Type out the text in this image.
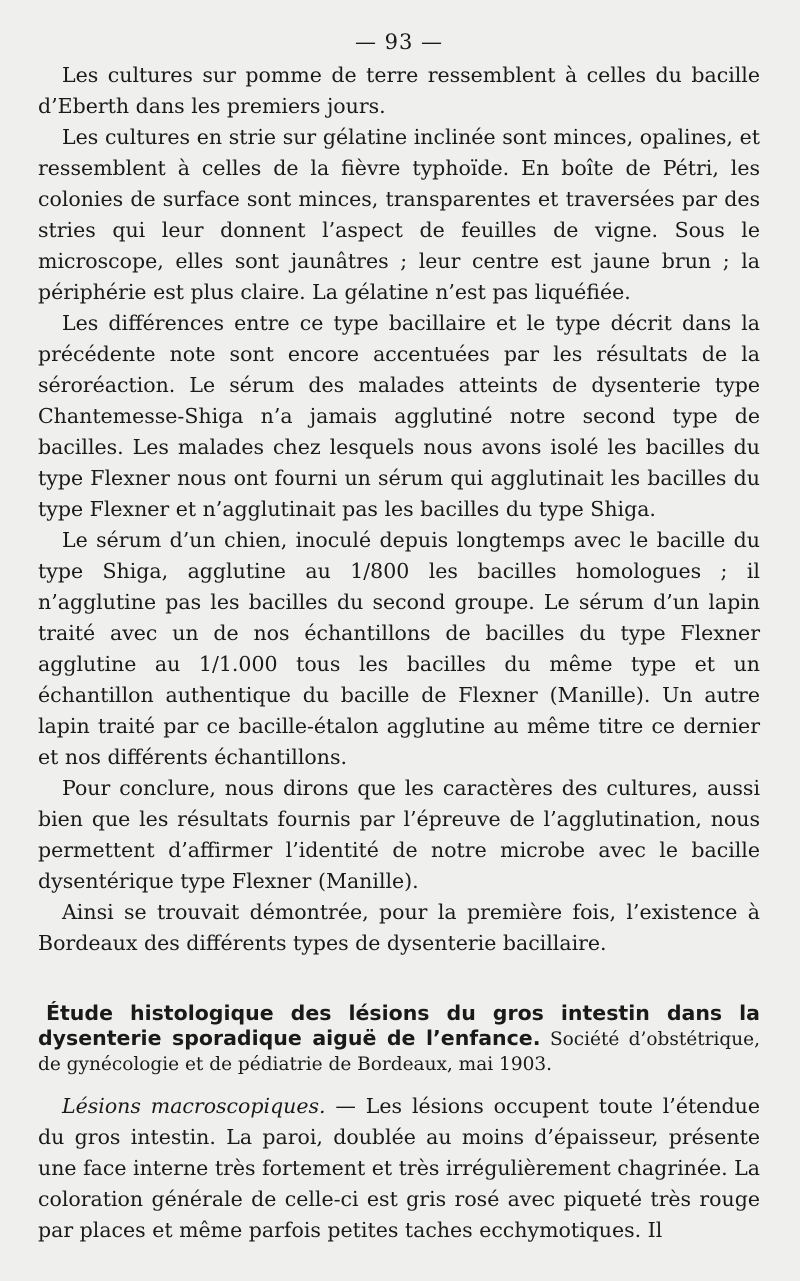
— 93 —

Les cultures sur pomme de terre ressemblent à celles du bacille d’Eberth dans les premiers jours.

Les cultures en strie sur gélatine inclinée sont minces, opalines, et ressemblent à celles de la fièvre typhoïde. En boîte de Pétri, les colonies de surface sont minces, transparentes et traversées par des stries qui leur donnent l’aspect de feuilles de vigne. Sous le microscope, elles sont jaunâtres ; leur centre est jaune brun ; la périphérie est plus claire. La gélatine n’est pas liquéfiée.

Les différences entre ce type bacillaire et le type décrit dans la précédente note sont encore accentuées par les résultats de la séroréaction. Le sérum des malades atteints de dysenterie type Chantemesse-Shiga n’a jamais agglutiné notre second type de bacilles. Les malades chez lesquels nous avons isolé les bacilles du type Flexner nous ont fourni un sérum qui agglutinait les bacilles du type Flexner et n’agglutinait pas les bacilles du type Shiga.

Le sérum d’un chien, inoculé depuis longtemps avec le bacille du type Shiga, agglutine au 1/800 les bacilles homologues ; il n’agglutine pas les bacilles du second groupe. Le sérum d’un lapin traité avec un de nos échantillons de bacilles du type Flexner agglutine au 1/1.000 tous les bacilles du même type et un échantillon authentique du bacille de Flexner (Manille). Un autre lapin traité par ce bacille-étalon agglutine au même titre ce dernier et nos différents échantillons.

Pour conclure, nous dirons que les caractères des cultures, aussi bien que les résultats fournis par l’épreuve de l’agglutination, nous permettent d’affirmer l’identité de notre microbe avec le bacille dysentérique type Flexner (Manille).

Ainsi se trouvait démontrée, pour la première fois, l’existence à Bordeaux des différents types de dysenterie bacillaire.

Étude histologique des lésions du gros intestin dans la dysenterie sporadique aiguë de l’enfance. Société d’obstétrique, de gynécologie et de pédiatrie de Bordeaux, mai 1903.

Lésions macroscopiques. — Les lésions occupent toute l’étendue du gros intestin. La paroi, doublée au moins d’épaisseur, présente une face interne très fortement et très irrégulièrement chagrinée. La coloration générale de celle-ci est gris rosé avec piqueté très rouge par places et même parfois petites taches ecchymotiques. Il
